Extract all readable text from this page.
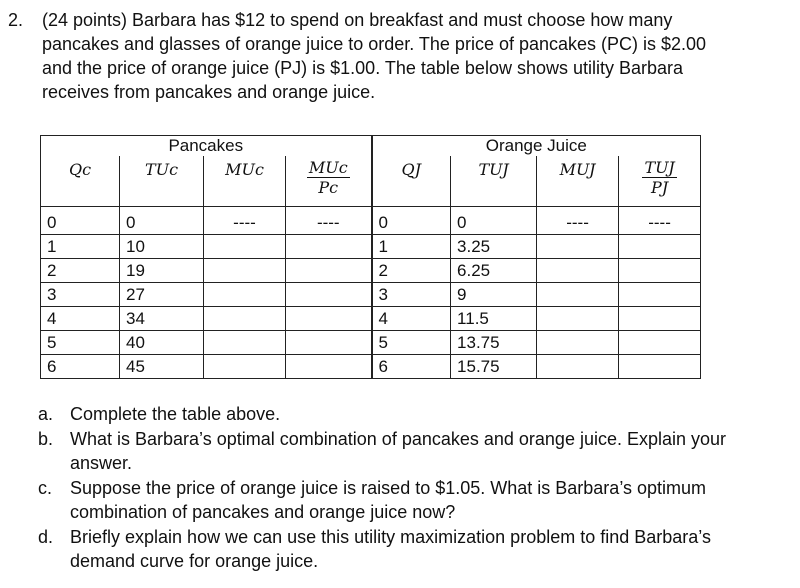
2. (24 points) Barbara has $12 to spend on breakfast and must choose how many pancakes and glasses of orange juice to order. The price of pancakes (PC) is $2.00 and the price of orange juice (PJ) is $1.00. The table below shows utility Barbara receives from pancakes and orange juice.
Pancakes				Orange Juice			

Qc	TUc	MUc	$\frac{\text{MUc}}{Pc}$	QJ	TUJ	MUJ	$\frac{\text{TUJ}}{PJ}$

0	0	----	----	0	0	----	----
1	10			1	3.25		
2	19			2	6.25		
3	27			3	9		
4	34			4	11.5		
5	40			5	13.75		
6	45			6	15.75		
a. Complete the table above.
b. What is Barbara’s optimal combination of pancakes and orange juice. Explain your answer.
c. Suppose the price of orange juice is raised to $1.05. What is Barbara’s optimum combination of pancakes and orange juice now?
d. Briefly explain how we can use this utility maximization problem to find Barbara’s demand curve for orange juice.
